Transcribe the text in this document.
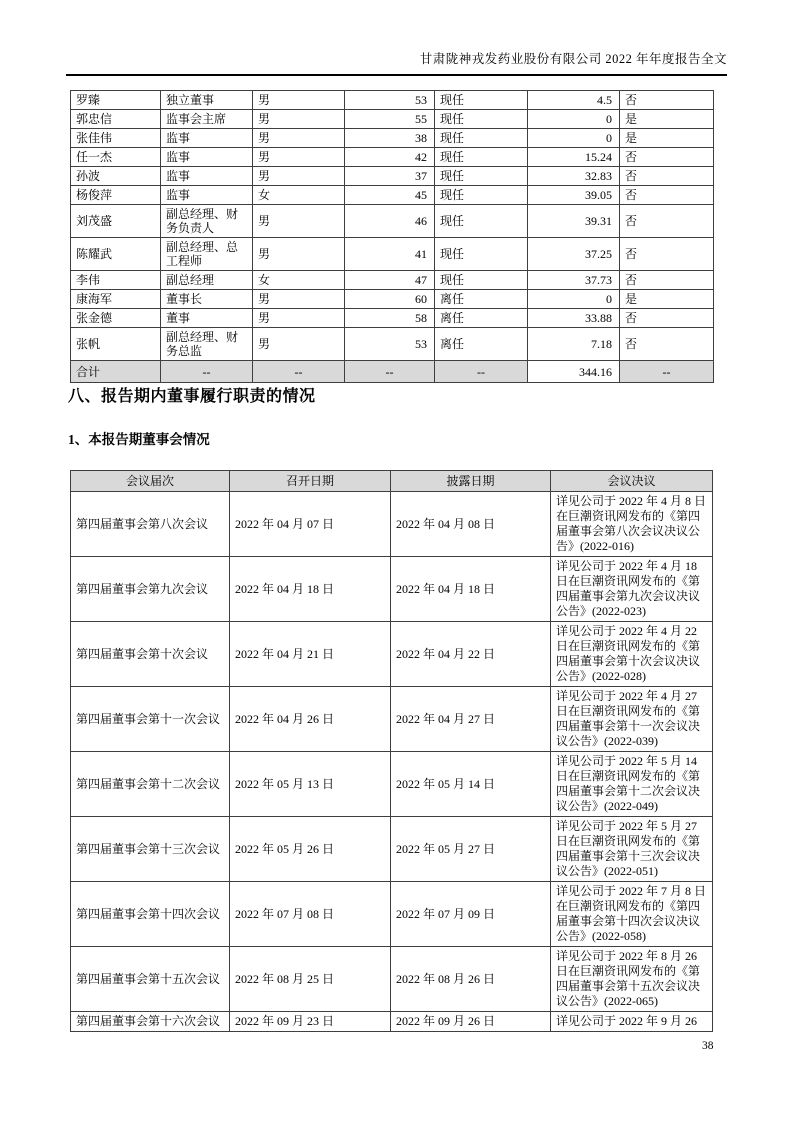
甘肃陇神戎发药业股份有限公司 2022 年年度报告全文
罗臻	独立董事	男	53	现任	4.5	否
郭忠信	监事会主席	男	55	现任	0	是
张佳伟	监事	男	38	现任	0	是
任一杰	监事	男	42	现任	15.24	否
孙波	监事	男	37	现任	32.83	否
杨俊萍	监事	女	45	现任	39.05	否
刘茂盛	副总经理、财务负责人	男	46	现任	39.31	否
陈耀武	副总经理、总工程师	男	41	现任	37.25	否
李伟	副总经理	女	47	现任	37.73	否
康海军	董事长	男	60	离任	0	是
张金德	董事	男	58	离任	33.88	否
张帆	副总经理、财务总监	男	53	离任	7.18	否
合计	--	--	--	--	344.16	--
八、报告期内董事履行职责的情况
1、本报告期董事会情况
会议届次	召开日期	披露日期	会议决议
第四届董事会第八次会议	2022 年 04 月 07 日	2022 年 04 月 08 日	详见公司于 2022 年 4 月 8 日在巨潮资讯网发布的《第四届董事会第八次会议决议公告》(2022-016)
第四届董事会第九次会议	2022 年 04 月 18 日	2022 年 04 月 18 日	详见公司于 2022 年 4 月 18 日在巨潮资讯网发布的《第四届董事会第九次会议决议公告》(2022-023)
第四届董事会第十次会议	2022 年 04 月 21 日	2022 年 04 月 22 日	详见公司于 2022 年 4 月 22 日在巨潮资讯网发布的《第四届董事会第十次会议决议公告》(2022-028)
第四届董事会第十一次会议	2022 年 04 月 26 日	2022 年 04 月 27 日	详见公司于 2022 年 4 月 27 日在巨潮资讯网发布的《第四届董事会第十一次会议决议公告》(2022-039)
第四届董事会第十二次会议	2022 年 05 月 13 日	2022 年 05 月 14 日	详见公司于 2022 年 5 月 14 日在巨潮资讯网发布的《第四届董事会第十二次会议决议公告》(2022-049)
第四届董事会第十三次会议	2022 年 05 月 26 日	2022 年 05 月 27 日	详见公司于 2022 年 5 月 27 日在巨潮资讯网发布的《第四届董事会第十三次会议决议公告》(2022-051)
第四届董事会第十四次会议	2022 年 07 月 08 日	2022 年 07 月 09 日	详见公司于 2022 年 7 月 8 日在巨潮资讯网发布的《第四届董事会第十四次会议决议公告》(2022-058)
第四届董事会第十五次会议	2022 年 08 月 25 日	2022 年 08 月 26 日	详见公司于 2022 年 8 月 26 日在巨潮资讯网发布的《第四届董事会第十五次会议决议公告》(2022-065)
第四届董事会第十六次会议	2022 年 09 月 23 日	2022 年 09 月 26 日	详见公司于 2022 年 9 月 26
38
